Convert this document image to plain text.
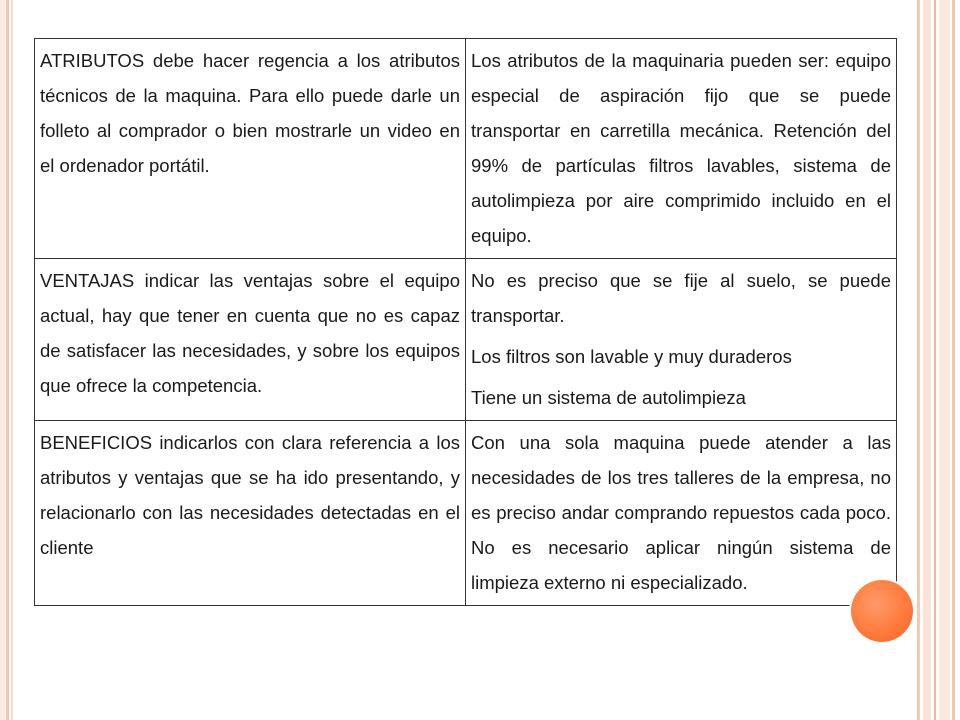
ATRIBUTOS debe hacer regencia a los atributos técnicos de la maquina. Para ello puede darle un folleto al comprador o bien mostrarle un video en el ordenador portátil.	Los atributos de la maquinaria pueden ser: equipo especial de aspiración fijo que se puede transportar en carretilla mecánica. Retención del 99% de partículas filtros lavables, sistema de autolimpieza por aire comprimido incluido en el equipo.

VENTAJAS indicar las ventajas sobre el equipo actual, hay que tener en cuenta que no es capaz de satisfacer las necesidades, y sobre los equipos que ofrece la competencia.	No es preciso que se fije al suelo, se puede transportar.
Los filtros son lavable y muy duraderos
Tiene un sistema de autolimpieza

BENEFICIOS indicarlos con clara referencia a los atributos y ventajas que se ha ido presentando, y relacionarlo con las necesidades detectadas en el cliente	Con una sola maquina puede atender a las necesidades de los tres talleres de la empresa, no es preciso andar comprando repuestos cada poco. No es necesario aplicar ningún sistema de limpieza externo ni especializado.
